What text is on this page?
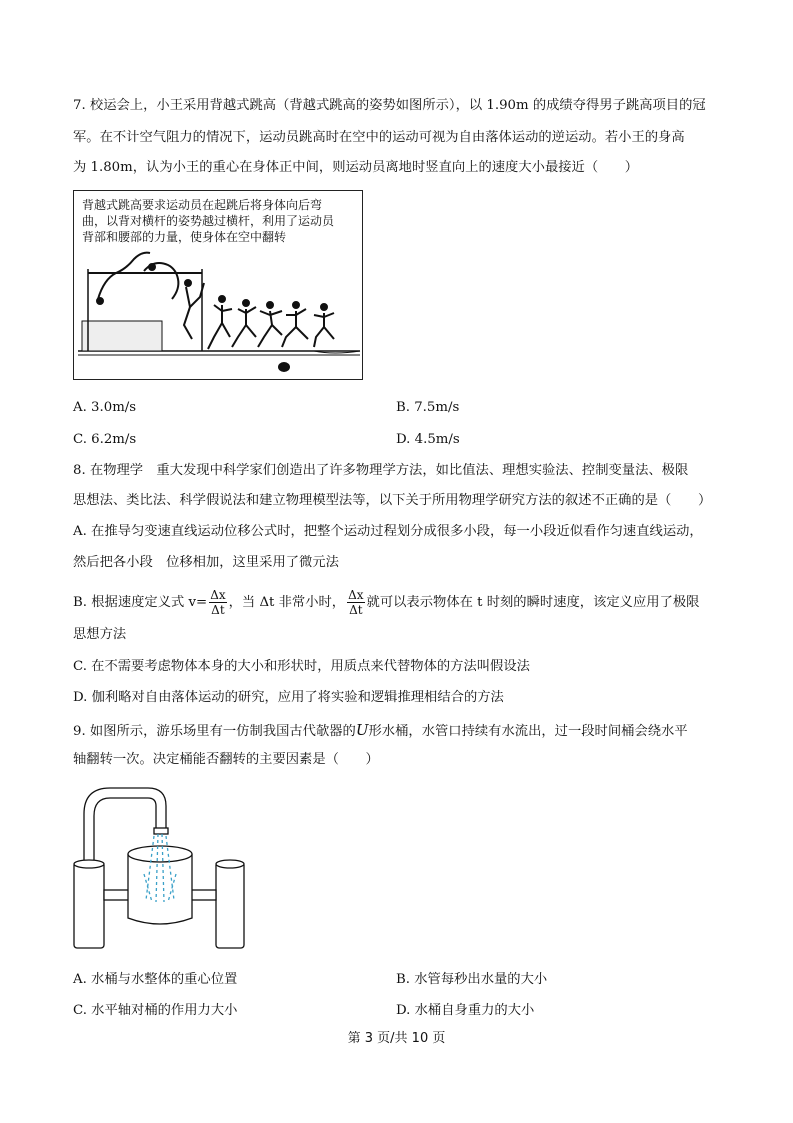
7. 校运会上，小王采用背越式跳高（背越式跳高的姿势如图所示），以 1.90m 的成绩夺得男子跳高项目的冠
军。在不计空气阻力的情况下，运动员跳高时在空中的运动可视为自由落体运动的逆运动。若小王的身高
为 1.80m，认为小王的重心在身体正中间，则运动员离地时竖直向上的速度大小最接近（　　）
背越式跳高要求运动员在起跳后将身体向后弯
曲，以背对横杆的姿势越过横杆，利用了运动员
背部和腰部的力量，使身体在空中翻转
A. 3.0m/s	B. 7.5m/s
C. 6.2m/s	D. 4.5m/s
8. 在物理学　重大发现中科学家们创造出了许多物理学方法，如比值法、理想实验法、控制变量法、极限
思想法、类比法、科学假说法和建立物理模型法等，以下关于所用物理学研究方法的叙述不正确的是（　　）
A. 在推导匀变速直线运动位移公式时，把整个运动过程划分成很多小段，每一小段近似看作匀速直线运动，
然后把各小段　位移相加，这里采用了微元法
B. 根据速度定义式 $v= \frac{\Delta x}{\Delta t}$ ，当 Δt 非常小时， $\frac{\Delta x}{\Delta t}$ 就可以表示物体在 t 时刻的瞬时速度，该定义应用了极限
思想方法
C. 在不需要考虑物体本身的大小和形状时，用质点来代替物体的方法叫假设法
D. 伽利略对自由落体运动的研究，应用了将实验和逻辑推理相结合的方法
9. 如图所示，游乐场里有一仿制我国古代欹器的U形水桶，水管口持续有水流出，过一段时间桶会绕水平
轴翻转一次。决定桶能否翻转的主要因素是（　　）
A. 水桶与水整体的重心位置	B. 水管每秒出水量的大小
C. 水平轴对桶的作用力大小	D. 水桶自身重力的大小
第 3 页/共 10 页
